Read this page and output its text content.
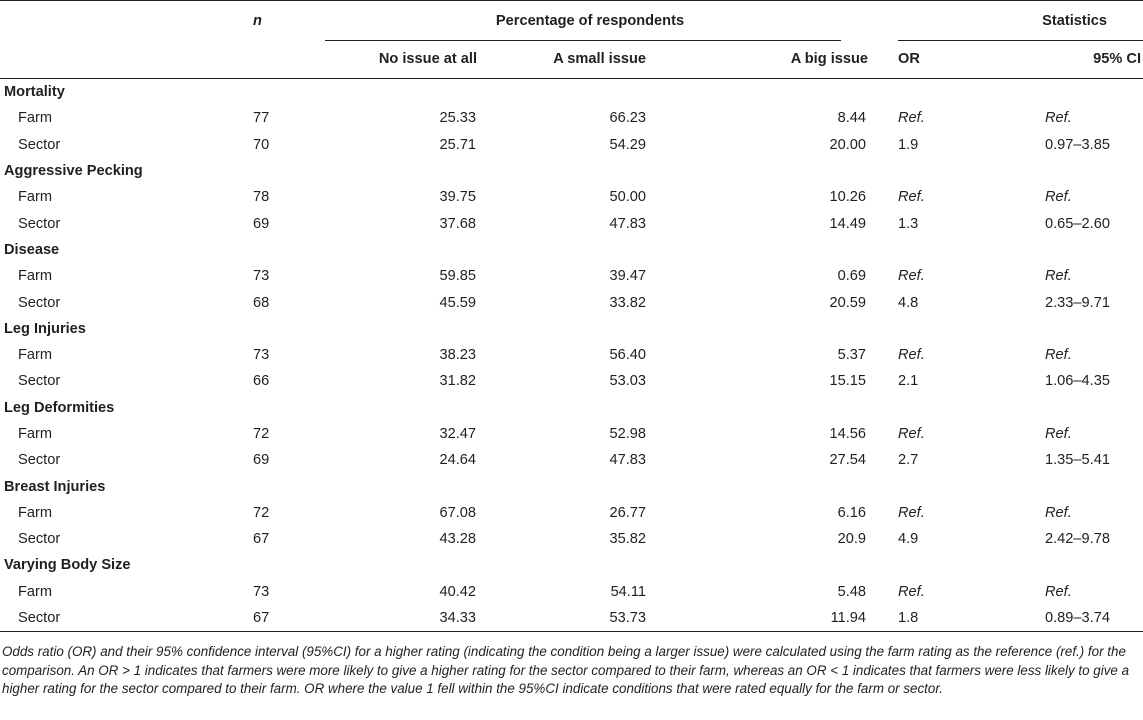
	n	Percentage of respondents			Statistics	

		No issue at all	A small issue	A big issue	OR	95% CI
Mortality						
Farm	77	25.33	66.23	8.44	Ref.	Ref.
Sector	70	25.71	54.29	20.00	1.9	0.97–3.85
Aggressive Pecking						
Farm	78	39.75	50.00	10.26	Ref.	Ref.
Sector	69	37.68	47.83	14.49	1.3	0.65–2.60
Disease						
Farm	73	59.85	39.47	0.69	Ref.	Ref.
Sector	68	45.59	33.82	20.59	4.8	2.33–9.71
Leg Injuries						
Farm	73	38.23	56.40	5.37	Ref.	Ref.
Sector	66	31.82	53.03	15.15	2.1	1.06–4.35
Leg Deformities						
Farm	72	32.47	52.98	14.56	Ref.	Ref.
Sector	69	24.64	47.83	27.54	2.7	1.35–5.41
Breast Injuries						
Farm	72	67.08	26.77	6.16	Ref.	Ref.
Sector	67	43.28	35.82	20.9	4.9	2.42–9.78
Varying Body Size						
Farm	73	40.42	54.11	5.48	Ref.	Ref.
Sector	67	34.33	53.73	11.94	1.8	0.89–3.74
Odds ratio (OR) and their 95% confidence interval (95%CI) for a higher rating (indicating the condition being a larger issue) were calculated using the farm rating as the reference (ref.) for the comparison. An OR > 1 indicates that farmers were more likely to give a higher rating for the sector compared to their farm, whereas an OR < 1 indicates that farmers were less likely to give a higher rating for the sector compared to their farm. OR where the value 1 fell within the 95%CI indicate conditions that were rated equally for the farm or sector.
